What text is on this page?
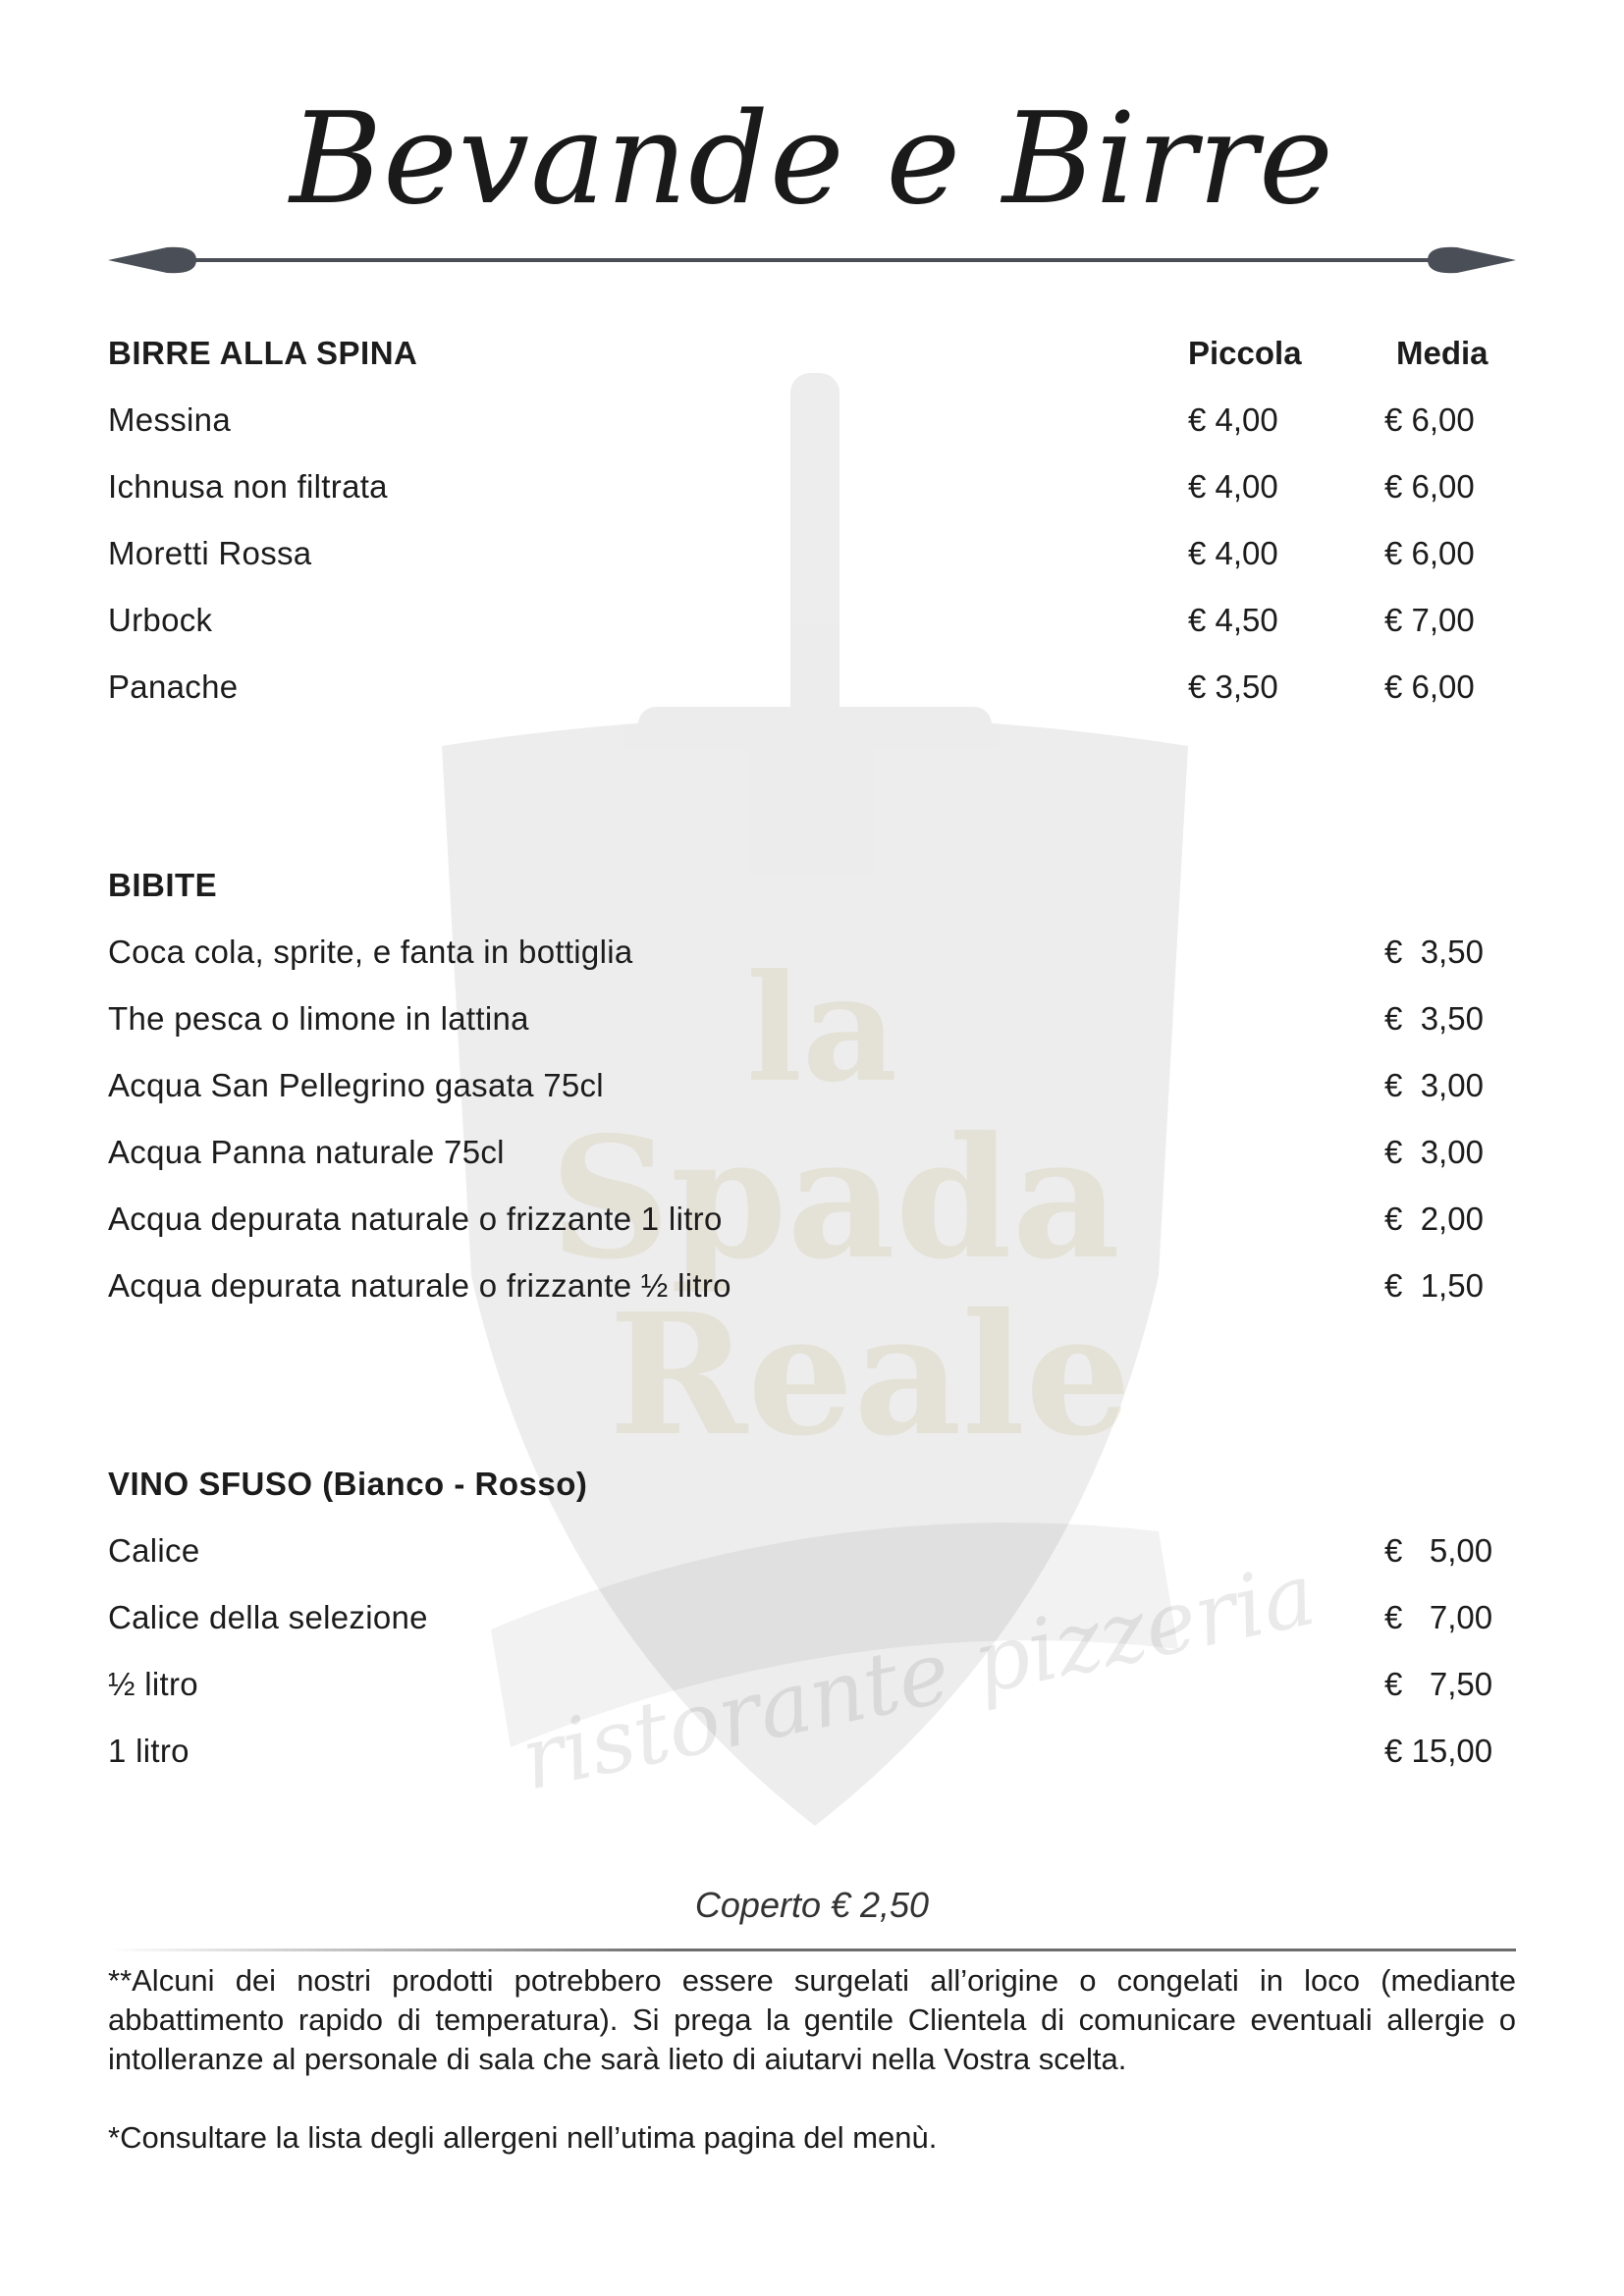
la
Spada
Reale
ristorante pizzeria
Bevande e Birre
BIRRE ALLA SPINA	Piccola	Media
Messina	€ 4,00	€ 6,00
Ichnusa non filtrata	€ 4,00	€ 6,00
Moretti Rossa	€ 4,00	€ 6,00
Urbock	€ 4,50	€ 7,00
Panache	€ 3,50	€ 6,00
BIBITE
Coca cola, sprite, e fanta in bottiglia	€  3,50
The pesca o limone in lattina	€  3,50
Acqua San Pellegrino gasata 75cl	€  3,00
Acqua Panna naturale 75cl	€  3,00
Acqua depurata naturale o frizzante 1 litro	€  2,00
Acqua depurata naturale o frizzante ½ litro	€  1,50
VINO SFUSO (Bianco - Rosso)
Calice	€   5,00
Calice della selezione	€   7,00
½ litro	€   7,50
1 litro	€ 15,00
Coperto € 2,50
**Alcuni dei nostri prodotti potrebbero essere surgelati all’origine o congelati in loco (mediante abbattimento rapido di temperatura). Si prega la gentile Clientela di comunicare eventuali allergie o intolleranze al personale di sala che sarà lieto di aiutarvi nella Vostra scelta.
*Consultare la lista degli allergeni nell’utima pagina del menù.
